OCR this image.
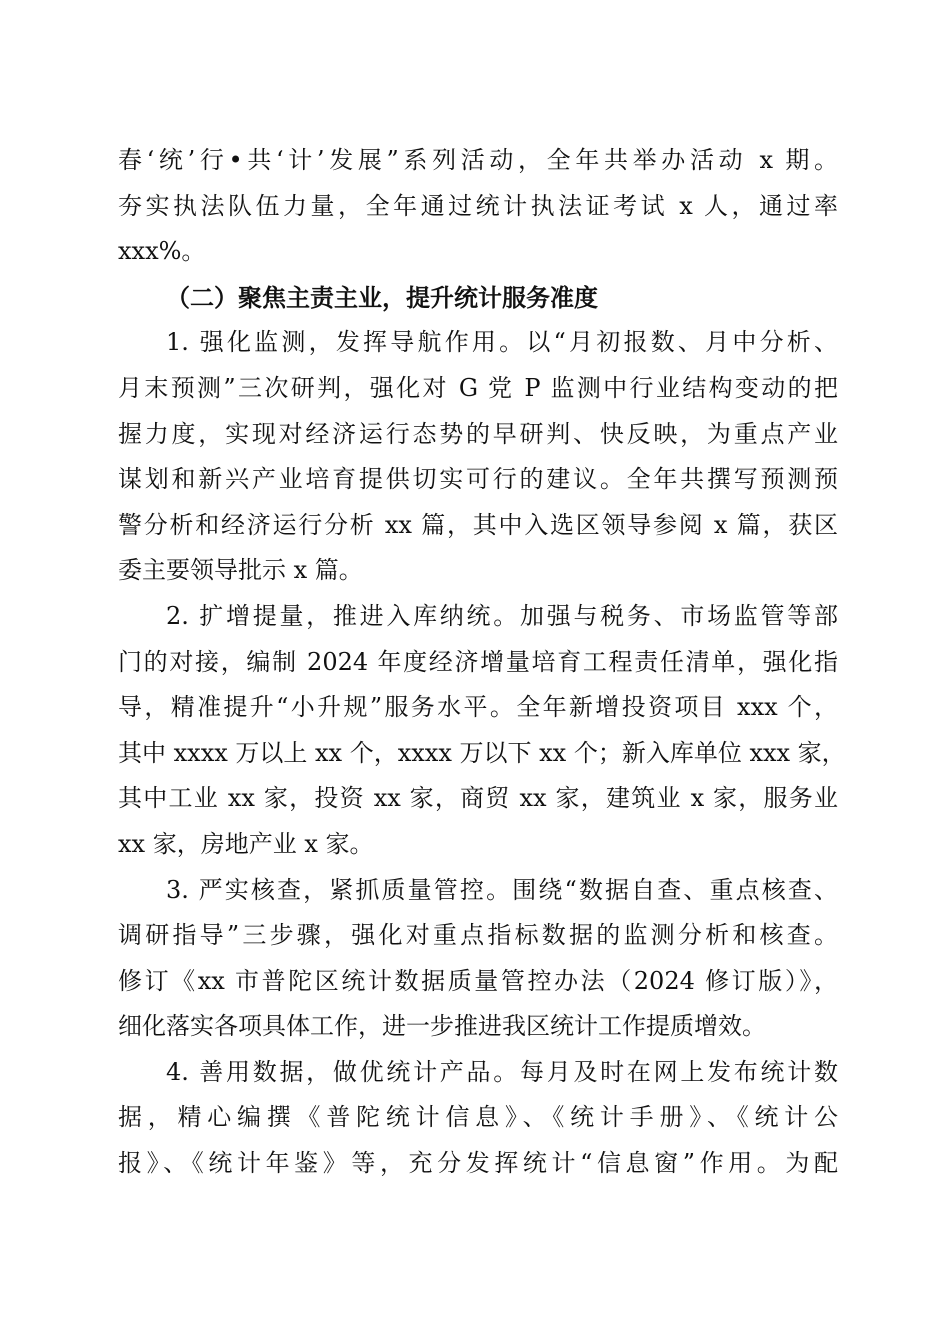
春‘统’行•共‘计’发展”系列活动，全年共举办活动 x 期。
夯实执法队伍力量，全年通过统计执法证考试 x 人，通过率
xxx%。
（二）聚焦主责主业，提升统计服务准度
1. 强化监测，发挥导航作用。以“月初报数、月中分析、
月末预测”三次研判，强化对 G 党 P 监测中行业结构变动的把
握力度，实现对经济运行态势的早研判、快反映，为重点产业
谋划和新兴产业培育提供切实可行的建议。全年共撰写预测预
警分析和经济运行分析 xx 篇，其中入选区领导参阅 x 篇，获区
委主要领导批示 x 篇。
2. 扩增提量，推进入库纳统。加强与税务、市场监管等部
门的对接，编制 2024 年度经济增量培育工程责任清单，强化指
导，精准提升“小升规”服务水平。全年新增投资项目 xxx 个，
其中 xxxx 万以上 xx 个，xxxx 万以下 xx 个；新入库单位 xxx 家，
其中工业 xx 家，投资 xx 家，商贸 xx 家，建筑业 x 家，服务业
xx 家，房地产业 x 家。
3. 严实核查，紧抓质量管控。围绕“数据自查、重点核查、
调研指导”三步骤，强化对重点指标数据的监测分析和核查。
修订《xx 市普陀区统计数据质量管控办法（2024 修订版）》，
细化落实各项具体工作，进一步推进我区统计工作提质增效。
4. 善用数据，做优统计产品。每月及时在网上发布统计数
据，精心编撰《普陀统计信息》、《统计手册》、《统计公
报》、《统计年鉴》等，充分发挥统计“信息窗”作用。为配
